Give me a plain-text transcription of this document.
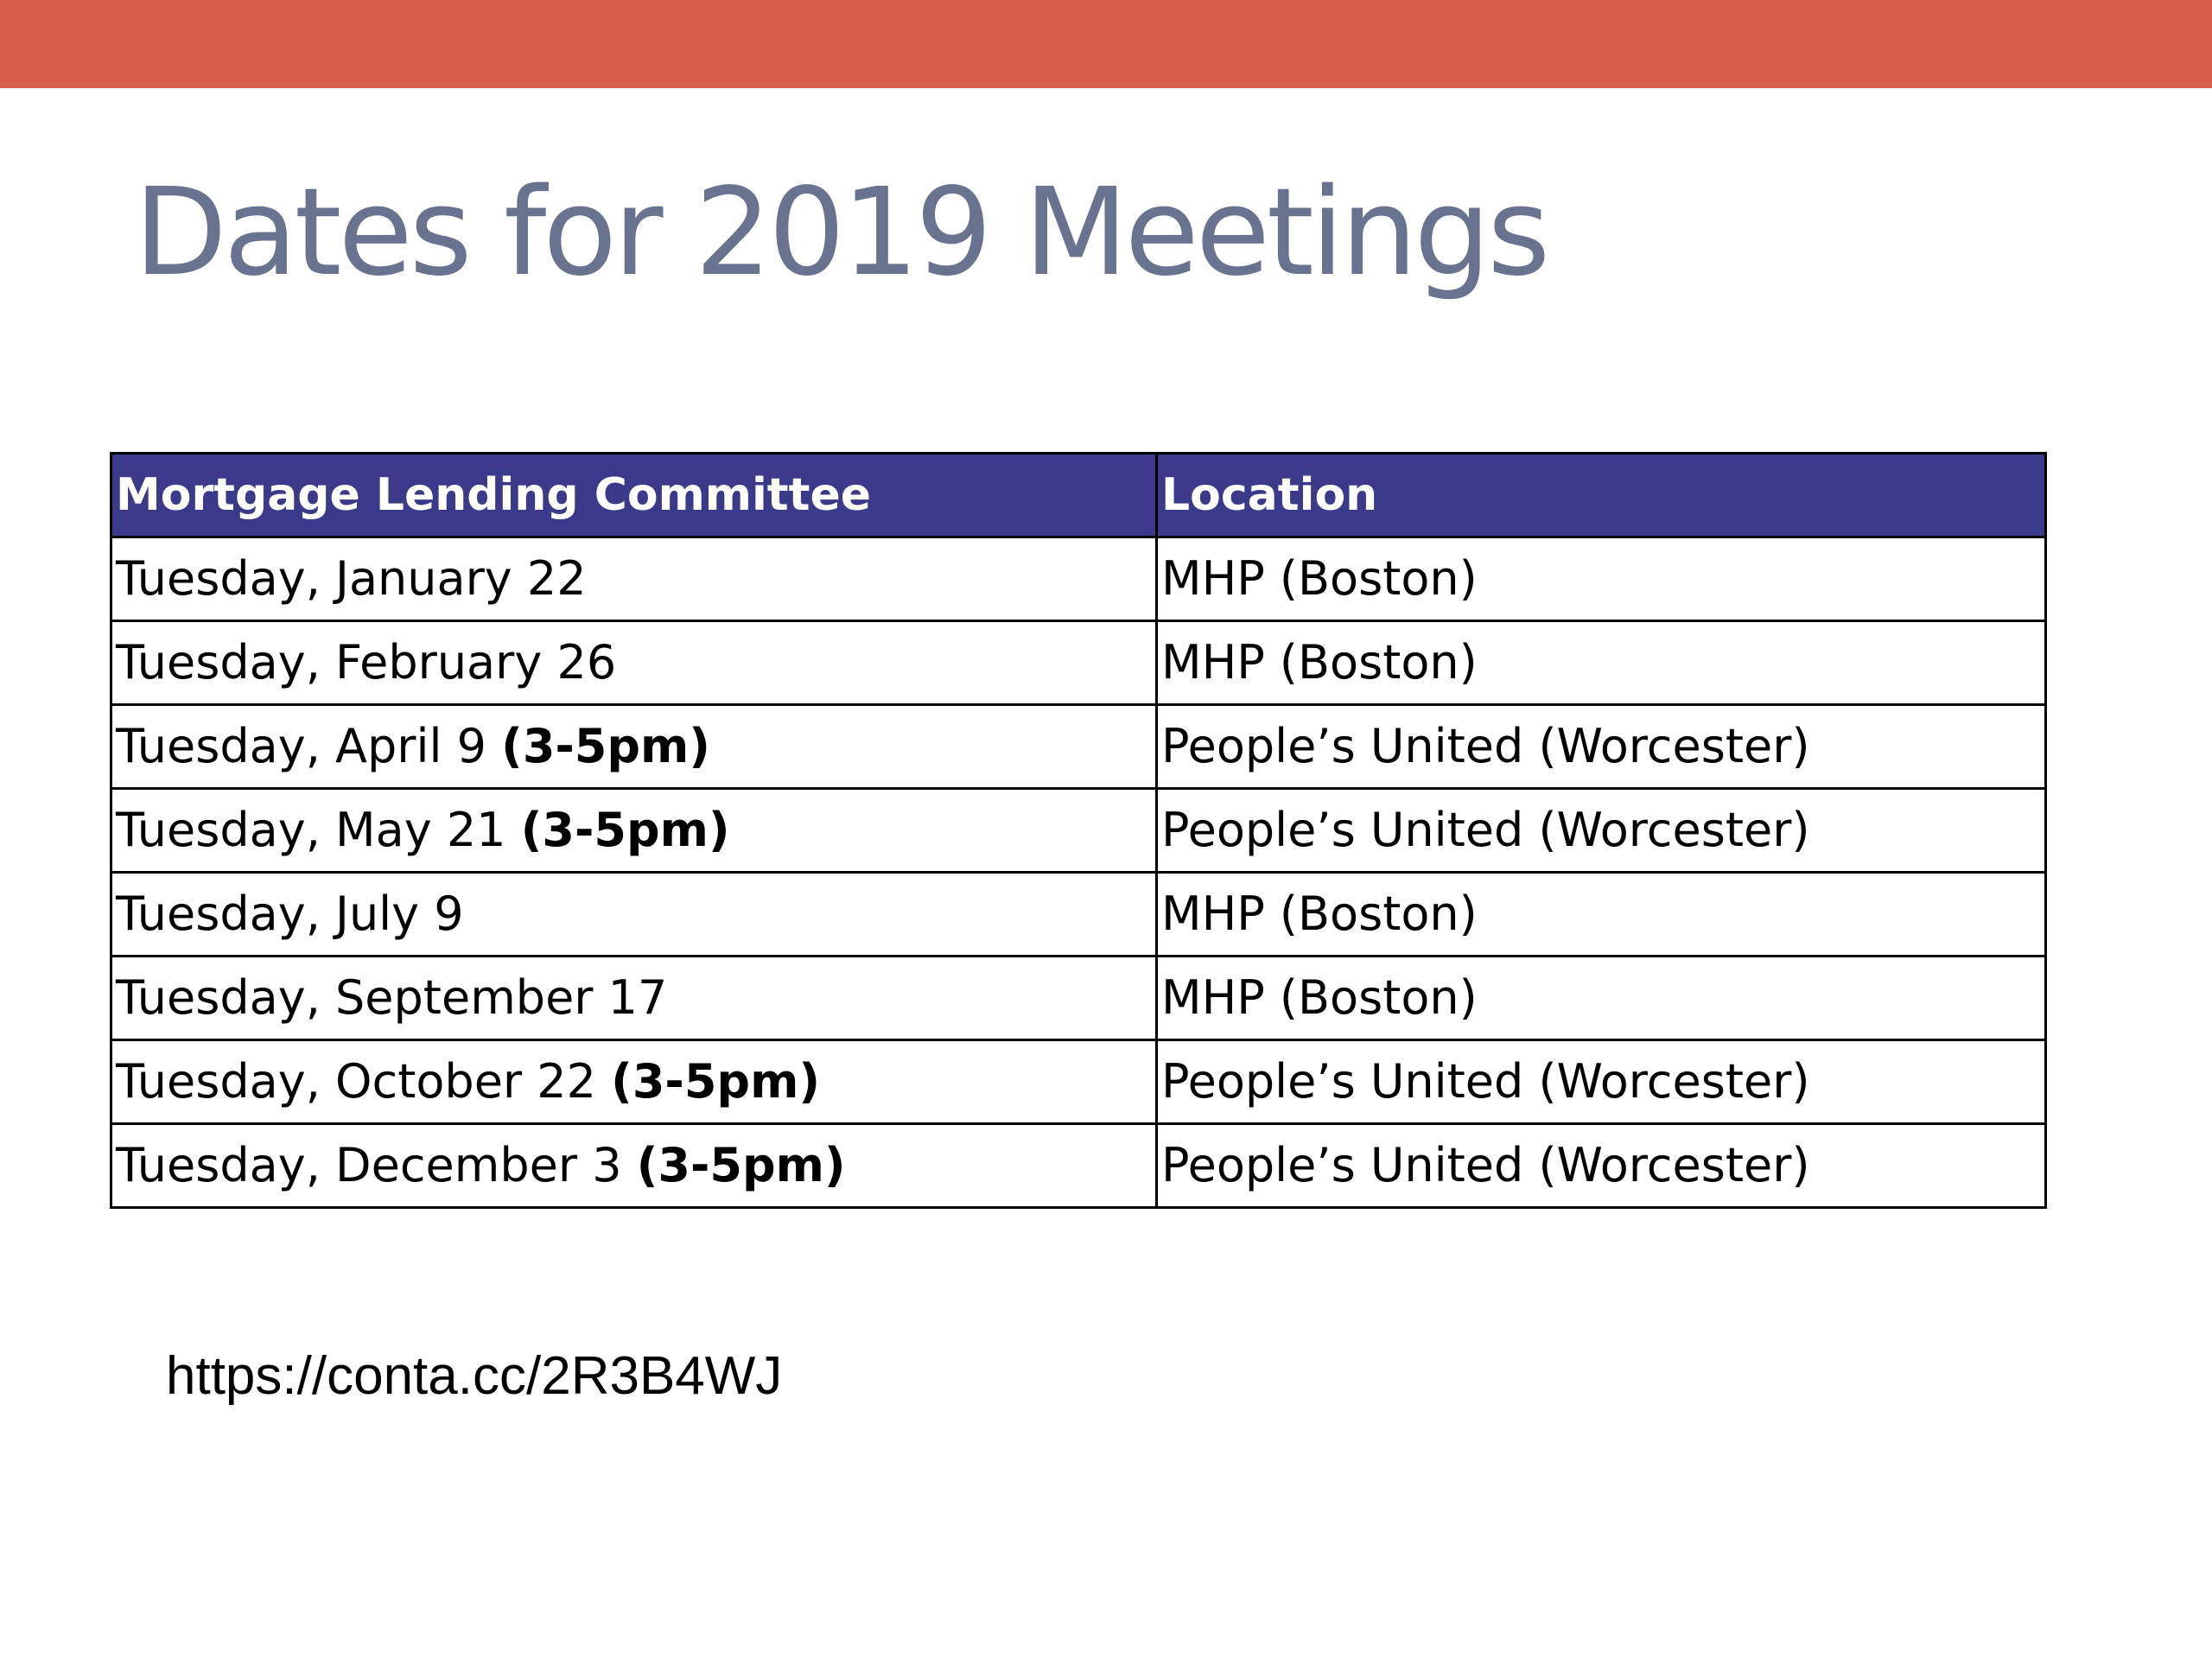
Dates for 2019 Meetings
Mortgage Lending Committee	Location
Tuesday, January 22	MHP (Boston)
Tuesday, February 26	MHP (Boston)
Tuesday, April 9 (3-5pm)	People’s United (Worcester)
Tuesday, May 21 (3-5pm)	People’s United (Worcester)
Tuesday, July 9	MHP (Boston)
Tuesday, September 17	MHP (Boston)
Tuesday, October 22 (3-5pm)	People’s United (Worcester)
Tuesday, December 3 (3-5pm)	People’s United (Worcester)
https://conta.cc/2R3B4WJ
